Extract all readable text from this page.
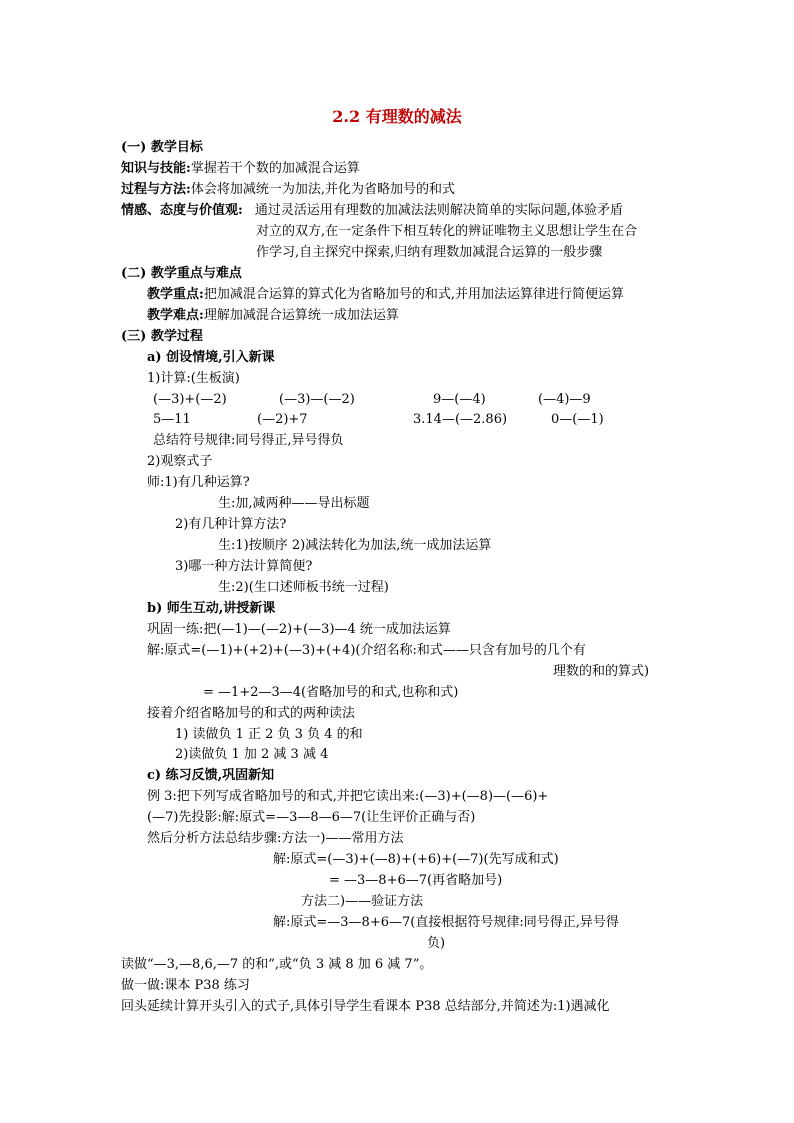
2.2 有理数的减法
(一) 教学目标
知识与技能:掌握若干个数的加减混合运算
过程与方法:体会将加减统一为加法,并化为省略加号的和式
情感、态度与价值观: 通过灵活运用有理数的加减法法则解决简单的实际问题,体验矛盾
对立的双方,在一定条件下相互转化的辨证唯物主义思想让学生在合
作学习,自主探究中探索,归纳有理数加减混合运算的一般步骤
(二) 教学重点与难点
教学重点:把加减混合运算的算式化为省略加号的和式,并用加法运算律进行简便运算
教学难点:理解加减混合运算统一成加法运算
(三) 教学过程
a) 创设情境,引入新课
1)计算:(生板演)
(—3)+(—2)	(—3)—(—2)	9—(—4)	(—4)—9
5—11	(—2)+7	3.14—(—2.86)	0—(—1)
总结符号规律:同号得正,异号得负
2)观察式子
师:1)有几种运算?
生:加,减两种——导出标题
2)有几种计算方法?
生:1)按顺序 2)减法转化为加法,统一成加法运算
3)哪一种方法计算简便?
生:2)(生口述师板书统一过程)
b) 师生互动,讲授新课
巩固一练:把(—1)—(—2)+(—3)—4 统一成加法运算
解:原式=(—1)+(+2)+(—3)+(+4)(介绍名称:和式——只含有加号的几个有
理数的和的算式)
= —1+2—3—4(省略加号的和式,也称和式)
接着介绍省略加号的和式的两种读法
1) 读做负 1 正 2 负 3 负 4 的和
2)读做负 1 加 2 减 3 减 4
c) 练习反馈,巩固新知
例 3:把下列写成省略加号的和式,并把它读出来:(—3)+(—8)—(—6)+
(—7)先投影:解:原式=—3—8—6—7(让生评价正确与否)
然后分析方法总结步骤:方法一)——常用方法
解:原式=(—3)+(—8)+(+6)+(—7)(先写成和式)
= —3—8+6—7(再省略加号)
方法二)——验证方法
解:原式=—3—8+6—7(直接根据符号规律:同号得正,异号得
负)
读做“—3,—8,6,—7 的和”,或“负 3 减 8 加 6 减 7”。
做一做:课本 P38 练习
回头延续计算开头引入的式子,具体引导学生看课本 P38 总结部分,并简述为:1)遇减化
